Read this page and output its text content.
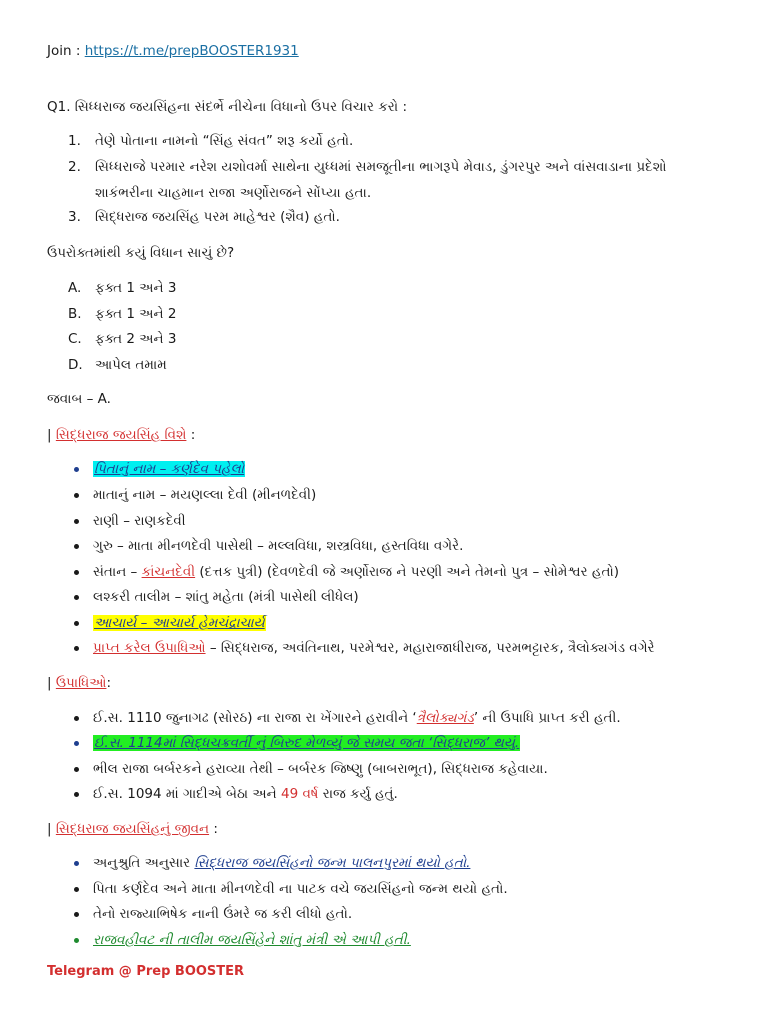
Join : https://t.me/prepBOOSTER1931
Q1. સિધ્ધરાજ જયસિંહના સંદર્ભે નીચેના વિધાનો ઉપર વિચાર કરો :
1. તેણે પોતાના નામનો “સિંહ સંવત” શરૂ કર્યો હતો.
2. સિધ્ધરાજે પરમાર નરેશ યશોવર્મા સાથેના યુધ્ધમાં સમજૂતીના ભાગરૂપે મેવાડ, ડુંગરપુર અને વાંસવાડાના પ્રદેશો
શાકંભરીના ચાહમાન રાજા અર્ણોરાજને સોંપ્યા હતા.
3. સિદ્ધરાજ જયસિંહ પરમ માહેશ્વર (શૈવ) હતો.
ઉપરોક્તમાંથી કયું વિધાન સાચું છે?
A. ફક્ત 1 અને 3
B. ફક્ત 1 અને 2
C. ફક્ત 2 અને 3
D. આપેલ તમામ
જવાબ – A.
| સિદ્ધરાજ જયસિંહ વિશે :
પિતાનું નામ – કર્ણદેવ પહેલો
માતાનું નામ – મયણલ્લા દેવી (મીનળદેવી)
રાણી – રાણકદેવી
ગુરુ – માતા મીનળદેવી પાસેથી – મલ્લવિધા, શસ્ત્રવિધા, હસ્તવિધા વગેરે.
સંતાન – કાંચનદેવી (દત્તક પુત્રી) (દેવળદેવી જે અર્ણોરાજ ને પરણી અને તેમનો પુત્ર – સોમેશ્વર હતો)
લશ્કરી તાલીમ – શાંતુ મહેતા (મંત્રી પાસેથી લીધેલ)
આચાર્ય – આચાર્ય હેમચંદ્રાચાર્ય
પ્રાપ્ત કરેલ ઉપાધિઓ – સિદ્ધરાજ, અવંતિનાથ, પરમેશ્વર, મહારાજાધીરાજ, પરમભટ્ટારક, ત્રૈલોક્યગંડ વગેરે
| ઉપાધિઓ:
ઈ.સ. 1110 જુનાગઢ (સોરઠ) ના રાજા રા ખેંગારને હરાવીને ‘ત્રૈલોક્યગંડ’ ની ઉપાધિ પ્રાપ્ત કરી હતી.
ઈ.સ. 1114માં સિદ્ધચક્રવર્તી નું બિરુદ મેળવ્યું જે સમય જતા ‘સિદ્ધરાજ’ થયું.
ભીલ રાજા બર્બરકને હરાવ્યા તેથી – બર્બરક જિષ્ણુ (બાબરાભૂત), સિદ્ધરાજ કહેવાયા.
ઈ.સ. 1094 માં ગાદીએ બેઠા અને 49 વર્ષ રાજ કર્યુ હતું.
| સિદ્ધરાજ જયસિંહનું જીવન :
અનુશ્રુતિ અનુસાર સિદ્ધરાજ જયસિંહનો જન્મ પાલનપુરમાં થયો હતો.
પિતા કર્ણદેવ અને માતા મીનળદેવી ના પાટક વચે જયસિંહનો જન્મ થયો હતો.
તેનો રાજ્યાભિષેક નાની ઉંમરે જ કરી લીધો હતો.
રાજવહીવટ ની તાલીમ જયસિંહેને શાંતુ મંત્રી એ આપી હતી.
Telegram @ Prep BOOSTER
